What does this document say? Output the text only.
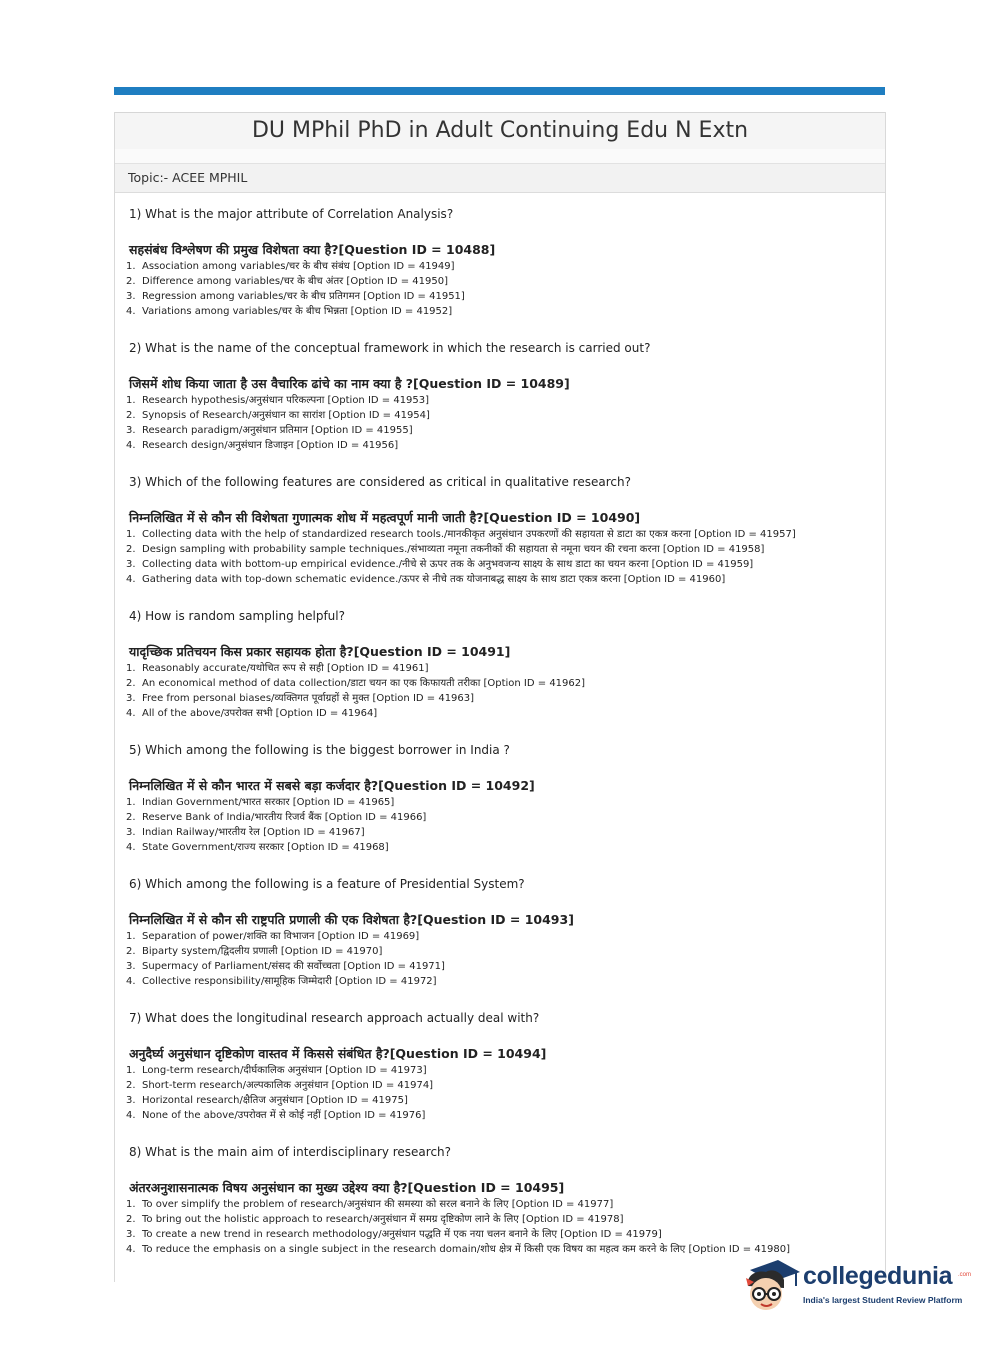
DU MPhil PhD in Adult Continuing Edu N Extn
Topic:- ACEE MPHIL
1) What is the major attribute of Correlation Analysis?
सहसंबंध विश्लेषण की प्रमुख विशेषता क्या है?[Question ID = 10488]
1. Association among variables/चर के बीच संबंध [Option ID = 41949]
2. Difference among variables/चर के बीच अंतर [Option ID = 41950]
3. Regression among variables/चर के बीच प्रतिगमन [Option ID = 41951]
4. Variations among variables/चर के बीच भिन्नता [Option ID = 41952]
2) What is the name of the conceptual framework in which the research is carried out?
जिसमें शोध किया जाता है उस वैचारिक ढांचे का नाम क्या है ?[Question ID = 10489]
1. Research hypothesis/अनुसंधान परिकल्पना [Option ID = 41953]
2. Synopsis of Research/अनुसंधान का सारांश [Option ID = 41954]
3. Research paradigm/अनुसंधान प्रतिमान [Option ID = 41955]
4. Research design/अनुसंधान डिजाइन [Option ID = 41956]
3) Which of the following features are considered as critical in qualitative research?
निम्नलिखित में से कौन सी विशेषता गुणात्मक शोध में महत्वपूर्ण मानी जाती है?[Question ID = 10490]
1. Collecting data with the help of standardized research tools./मानकीकृत अनुसंधान उपकरणों की सहायता से डाटा का एकत्र करना [Option ID = 41957]
2. Design sampling with probability sample techniques./संभाव्यता नमूना तकनीकों की सहायता से नमूना चयन की रचना करना [Option ID = 41958]
3. Collecting data with bottom-up empirical evidence./नीचे से ऊपर तक के अनुभवजन्य साक्ष्य के साथ डाटा का चयन करना [Option ID = 41959]
4. Gathering data with top-down schematic evidence./ऊपर से नीचे तक योजनाबद्ध साक्ष्य के साथ डाटा एकत्र करना [Option ID = 41960]
4) How is random sampling helpful?
यादृच्छिक प्रतिचयन किस प्रकार सहायक होता है?[Question ID = 10491]
1. Reasonably accurate/यथोचित रूप से सही [Option ID = 41961]
2. An economical method of data collection/डाटा चयन का एक किफायती तरीका [Option ID = 41962]
3. Free from personal biases/व्यक्तिगत पूर्वाग्रहों से मुक्त [Option ID = 41963]
4. All of the above/उपरोक्त सभी [Option ID = 41964]
5) Which among the following is the biggest borrower in India ?
निम्नलिखित में से कौन भारत में सबसे बड़ा कर्जदार है?[Question ID = 10492]
1. Indian Government/भारत सरकार [Option ID = 41965]
2. Reserve Bank of India/भारतीय रिजर्व बैंक [Option ID = 41966]
3. Indian Railway/भारतीय रेल [Option ID = 41967]
4. State Government/राज्य सरकार [Option ID = 41968]
6) Which among the following is a feature of Presidential System?
निम्नलिखित में से कौन सी राष्ट्रपति प्रणाली की एक विशेषता है?[Question ID = 10493]
1. Separation of power/शक्ति का विभाजन [Option ID = 41969]
2. Biparty system/द्विदलीय प्रणाली [Option ID = 41970]
3. Supermacy of Parliament/संसद की सर्वोच्चता [Option ID = 41971]
4. Collective responsibility/सामूहिक जिम्मेदारी [Option ID = 41972]
7) What does the longitudinal research approach actually deal with?
अनुदैर्घ्य अनुसंधान दृष्टिकोण वास्तव में किससे संबंधित है?[Question ID = 10494]
1. Long-term research/दीर्घकालिक अनुसंधान [Option ID = 41973]
2. Short-term research/अल्पकालिक अनुसंधान [Option ID = 41974]
3. Horizontal research/क्षैतिज अनुसंधान [Option ID = 41975]
4. None of the above/उपरोक्त में से कोई नहीं [Option ID = 41976]
8) What is the main aim of interdisciplinary research?
अंतरअनुशासनात्मक विषय अनुसंधान का मुख्य उद्देश्य क्या है?[Question ID = 10495]
1. To over simplify the problem of research/अनुसंधान की समस्या को सरल बनाने के लिए [Option ID = 41977]
2. To bring out the holistic approach to research/अनुसंधान में समग्र दृष्टिकोण लाने के लिए [Option ID = 41978]
3. To create a new trend in research methodology/अनुसंधान पद्धति में एक नया चलन बनाने के लिए [Option ID = 41979]
4. To reduce the emphasis on a single subject in the research domain/शोध क्षेत्र में किसी एक विषय का महत्व कम करने के लिए [Option ID = 41980]
collegedunia .com
India's largest Student Review Platform
